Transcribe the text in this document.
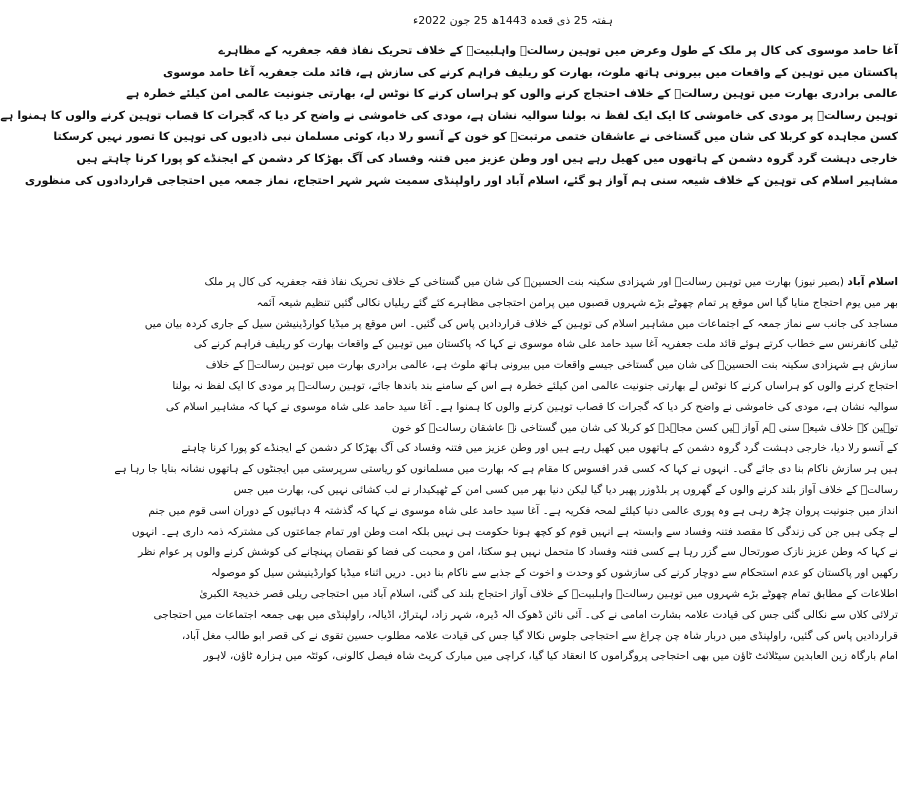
ہفتہ 25 ذی قعدہ 1443ھ 25 جون 2022ء
آغا حامد موسوی کی کال پر ملک کے طول وعرض میں توہین رسالتؐ واہلبیتؑ کے خلاف تحریک نفاذ فقہ جعفریہ کے مظاہرے
پاکستان میں توہین کے واقعات میں بیرونی ہاتھ ملوث، بھارت کو ریلیف فراہم کرنے کی سازش ہے، قائد ملت جعفریہ آغا حامد موسوی
عالمی برادری بھارت میں توہین رسالتؐ کے خلاف احتجاج کرنے والوں کو ہراساں کرنے کا نوٹس لے، بھارتی جنونیت عالمی امن کیلئے خطرہ ہے
توہین رسالتؐ پر مودی کی خاموشی کا ایک ایک لفظ نہ بولنا سوالیہ نشان ہے، مودی کی خاموشی نے واضح کر دیا کہ گجرات کا قصاب توہین کرنے والوں کا ہمنوا ہے
کسن مجاہدہ کو کربلا کی شان میں گستاخی نے عاشقان ختمی مرتبتؐ کو خون کے آنسو رلا دیا، کوئی مسلمان نبی ذادیوں کی توہین کا تصور نہیں کرسکتا
خارجی دہشت گرد گروہ دشمن کے ہاتھوں میں کھیل رہے ہیں اور وطن عزیز میں فتنہ وفساد کی آگ بھڑکا کر دشمن کے ایجنڈے کو پورا کرنا چاہتے ہیں
مشاہیر اسلام کی توہین کے خلاف شیعہ سنی ہم آواز ہو گئے، اسلام آباد اور راولپنڈی سمیت شہر شہر احتجاج، نماز جمعہ میں احتجاجی قراردادوں کی منظوری
اسلام آباد (بصیر نیوز) بھارت میں توہین رسالتؐ اور شہزادی سکینہ بنت الحسینؑ کی شان میں گستاخی کے خلاف تحریک نفاذ فقہ جعفریہ کی کال پر ملک
بھر میں یوم احتجاج منایا گیا اس موقع پر تمام چھوٹے بڑے شہروں قصبوں میں پرامن احتجاجی مظاہرے کئے گئے ریلیاں نکالی گئیں تنظیم شیعہ آئمہ
مساجد کی جانب سے نماز جمعہ کے اجتماعات میں مشاہیر اسلام کی توہین کے خلاف قراردادیں پاس کی گئیں۔ اس موقع پر میڈیا کوارڈینیشن سیل کے جاری کردہ بیان میں
ٹیلی کانفرنس سے خطاب کرتے ہوئے قائد ملت جعفریہ آغا سید حامد علی شاہ موسوی نے کہا کہ پاکستان میں توہین کے واقعات بھارت کو ریلیف فراہم کرنے کی
سازش ہے شہزادی سکینہ بنت الحسینؑ کی شان میں گستاخی جیسے واقعات میں بیرونی ہاتھ ملوث ہے، عالمی برادری بھارت میں توہین رسالتؐ کے خلاف
احتجاج کرنے والوں کو ہراساں کرنے کا نوٹس لے بھارتی جنونیت عالمی امن کیلئے خطرہ ہے اس کے سامنے بند باندھا جائے، توہین رسالتؐ پر مودی کا ایک لفظ نہ بولنا
سوالیہ نشان ہے، مودی کی خاموشی نے واضح کر دیا کہ گجرات کا قصاب توہین کرنے والوں کا ہمنوا ہے۔ آغا سید حامد علی شاہ موسوی نے کہا کہ مشاہیر اسلام کی
توہین کے خلاف شیعہ سنی ہم آواز ہیں کسن مجاہدہ کو کربلا کی شان میں گستاخی نے عاشقان رسالتؐ کو خون
کے آنسو رلا دیا، خارجی دہشت گرد گروہ دشمن کے ہاتھوں میں کھیل رہے ہیں اور وطن عزیز میں فتنہ وفساد کی آگ بھڑکا کر دشمن کے ایجنڈے کو پورا کرنا چاہتے
ہیں ہر سازش ناکام بنا دی جائے گی۔ انہوں نے کہا کہ کسی قدر افسوس کا مقام ہے کہ بھارت میں مسلمانوں کو ریاستی سرپرستی میں ایجنٹوں کے ہاتھوں نشانہ بنایا جا رہا ہے
رسالتؐ کے خلاف آواز بلند کرنے والوں کے گھروں پر بلڈوزر پھیر دیا گیا لیکن دنیا بھر میں کسی امن کے ٹھیکیدار نے لب کشائی نہیں کی، بھارت میں جس
انداز میں جنونیت پروان چڑھ رہی ہے وہ پوری عالمی دنیا کیلئے لمحہ فکریہ ہے۔ آغا سید حامد علی شاہ موسوی نے کہا کہ گذشتہ 4 دہائیوں کے دوران اسی قوم میں جنم
لے چکی ہیں جن کی زندگی کا مقصد فتنہ وفساد سے وابستہ ہے انہیں قوم کو کچھ ہونا حکومت ہی نہیں بلکہ امت وطن اور تمام جماعتوں کی مشترکہ ذمہ داری ہے۔ انہوں
نے کہا کہ وطن عزیز نازک صورتحال سے گزر رہا ہے کسی فتنہ وفساد کا متحمل نہیں ہو سکتا، امن و محبت کی فضا کو نقصان پہنچانے کی کوشش کرنے والوں پر عوام نظر
رکھیں اور پاکستان کو عدم استحکام سے دوچار کرنے کی سازشوں کو وحدت و اخوت کے جذبے سے ناکام بنا دیں۔ دریں اثناء میڈیا کوارڈینیشن سیل کو موصولہ
اطلاعات کے مطابق تمام چھوٹے بڑے شہروں میں توہین رسالتؐ واہلبیتؑ کے خلاف آواز احتجاج بلند کی گئی، اسلام آباد میں احتجاجی ریلی قصر خدیجۃ الکبریٰ
ترلائی کلاں سے نکالی گئی جس کی قیادت علامہ بشارت امامی نے کی۔ آئی نائن ڈھوک الہ ڈیرہ، شہر زاد، لہتراڑ، اڈیالہ، راولپنڈی میں بھی جمعہ اجتماعات میں احتجاجی
قراردادیں پاس کی گئیں، راولپنڈی میں دربار شاہ چن چراغ سے احتجاجی جلوس نکالا گیا جس کی قیادت علامہ مطلوب حسین تقوی نے کی قصر ابو طالب مغل آباد،
امام بارگاہ زین العابدین سیٹلائٹ ٹاؤن میں بھی احتجاجی پروگراموں کا انعقاد کیا گیا، کراچی میں مبارک کریٹ شاہ فیصل کالونی، کوئٹہ میں ہزارہ ٹاؤن، لاہور
